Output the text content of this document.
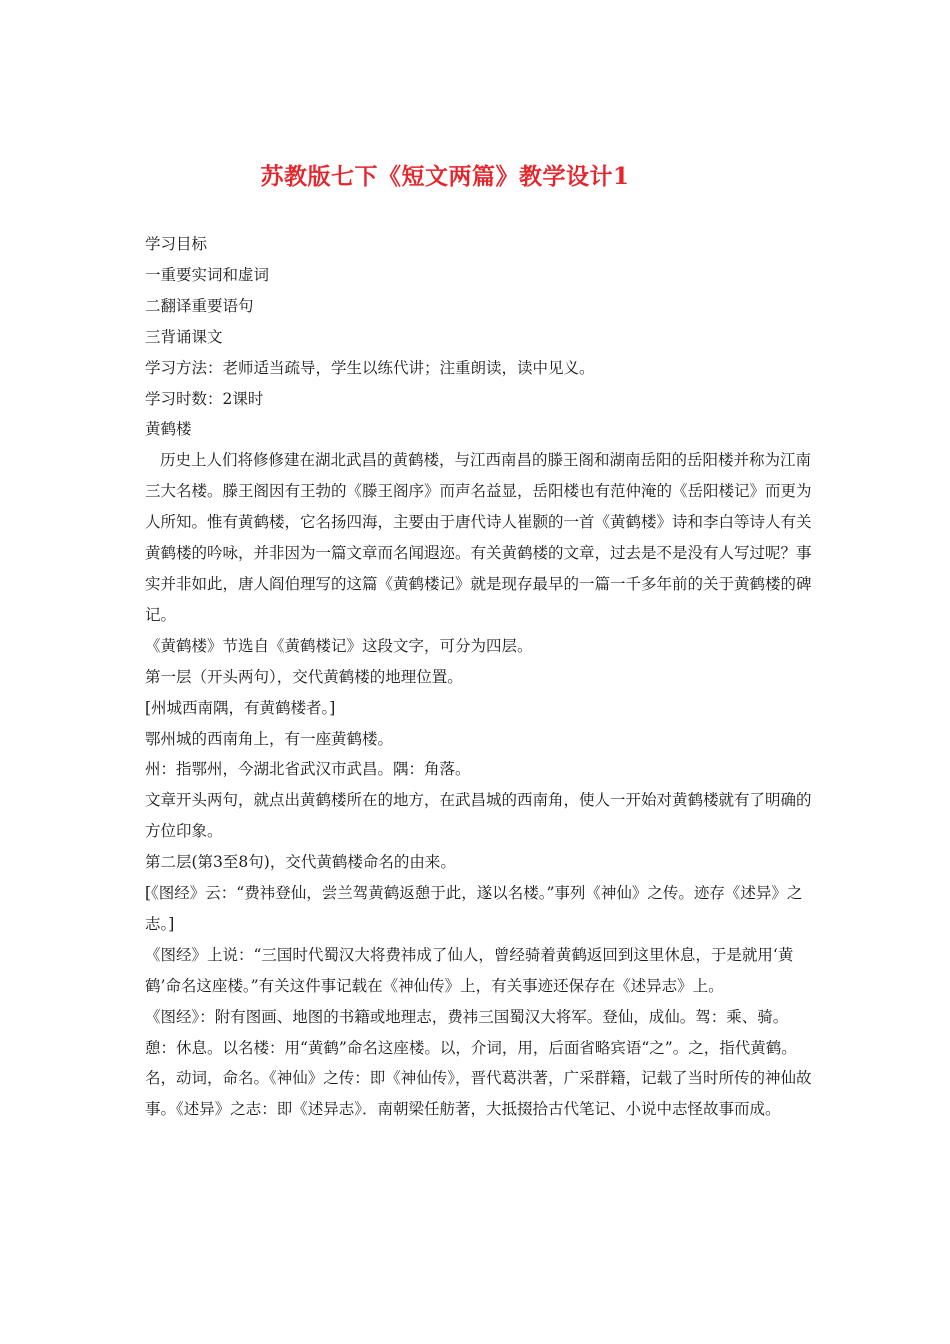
苏教版七下《短文两篇》教学设计1

学习目标

一重要实词和虚词

二翻译重要语句

三背诵课文

学习方法：老师适当疏导，学生以练代讲；注重朗读，读中见义。

学习时数：2课时

黄鹤楼

历史上人们将修修建在湖北武昌的黄鹤楼，与江西南昌的滕王阁和湖南岳阳的岳阳楼并称为江南三大名楼。滕王阁因有王勃的《滕王阁序》而声名益显，岳阳楼也有范仲淹的《岳阳楼记》而更为人所知。惟有黄鹤楼，它名扬四海，主要由于唐代诗人崔颢的一首《黄鹤楼》诗和李白等诗人有关黄鹤楼的吟咏，并非因为一篇文章而名闻遐迩。有关黄鹤楼的文章，过去是不是没有人写过呢？事实并非如此，唐人阎伯理写的这篇《黄鹤楼记》就是现存最早的一篇一千多年前的关于黄鹤楼的碑记。

《黄鹤楼》节选自《黄鹤楼记》这段文字，可分为四层。

第一层（开头两句），交代黄鹤楼的地理位置。

[州城西南隅，有黄鹤楼者。]

鄂州城的西南角上，有一座黄鹤楼。

州：指鄂州，今湖北省武汉市武昌。隅：角落。

文章开头两句，就点出黄鹤楼所在的地方，在武昌城的西南角，使人一开始对黄鹤楼就有了明确的方位印象。

第二层(第3至8句)，交代黄鹤楼命名的由来。

[《图经》云：“费祎登仙，尝兰驾黄鹤返憩于此，遂以名楼。”事列《神仙》之传。迹存《述异》之志。]

《图经》上说：“三国时代蜀汉大将费祎成了仙人，曾经骑着黄鹤返回到这里休息，于是就用‘黄鹤’命名这座楼。”有关这件事记载在《神仙传》上，有关事迹还保存在《述异志》上。

《图经》：附有图画、地图的书籍或地理志，费祎三国蜀汉大将军。登仙，成仙。驾：乘、骑。憩：休息。以名楼：用“黄鹤”命名这座楼。以，介词，用，后面省略宾语“之”。之，指代黄鹤。名，动词，命名。《神仙》之传：即《神仙传》，晋代葛洪著，广采群籍，记载了当时所传的神仙故事。《述异》之志：即《述异志》．南朝梁任舫著，大抵掇拾古代笔记、小说中志怪故事而成。
